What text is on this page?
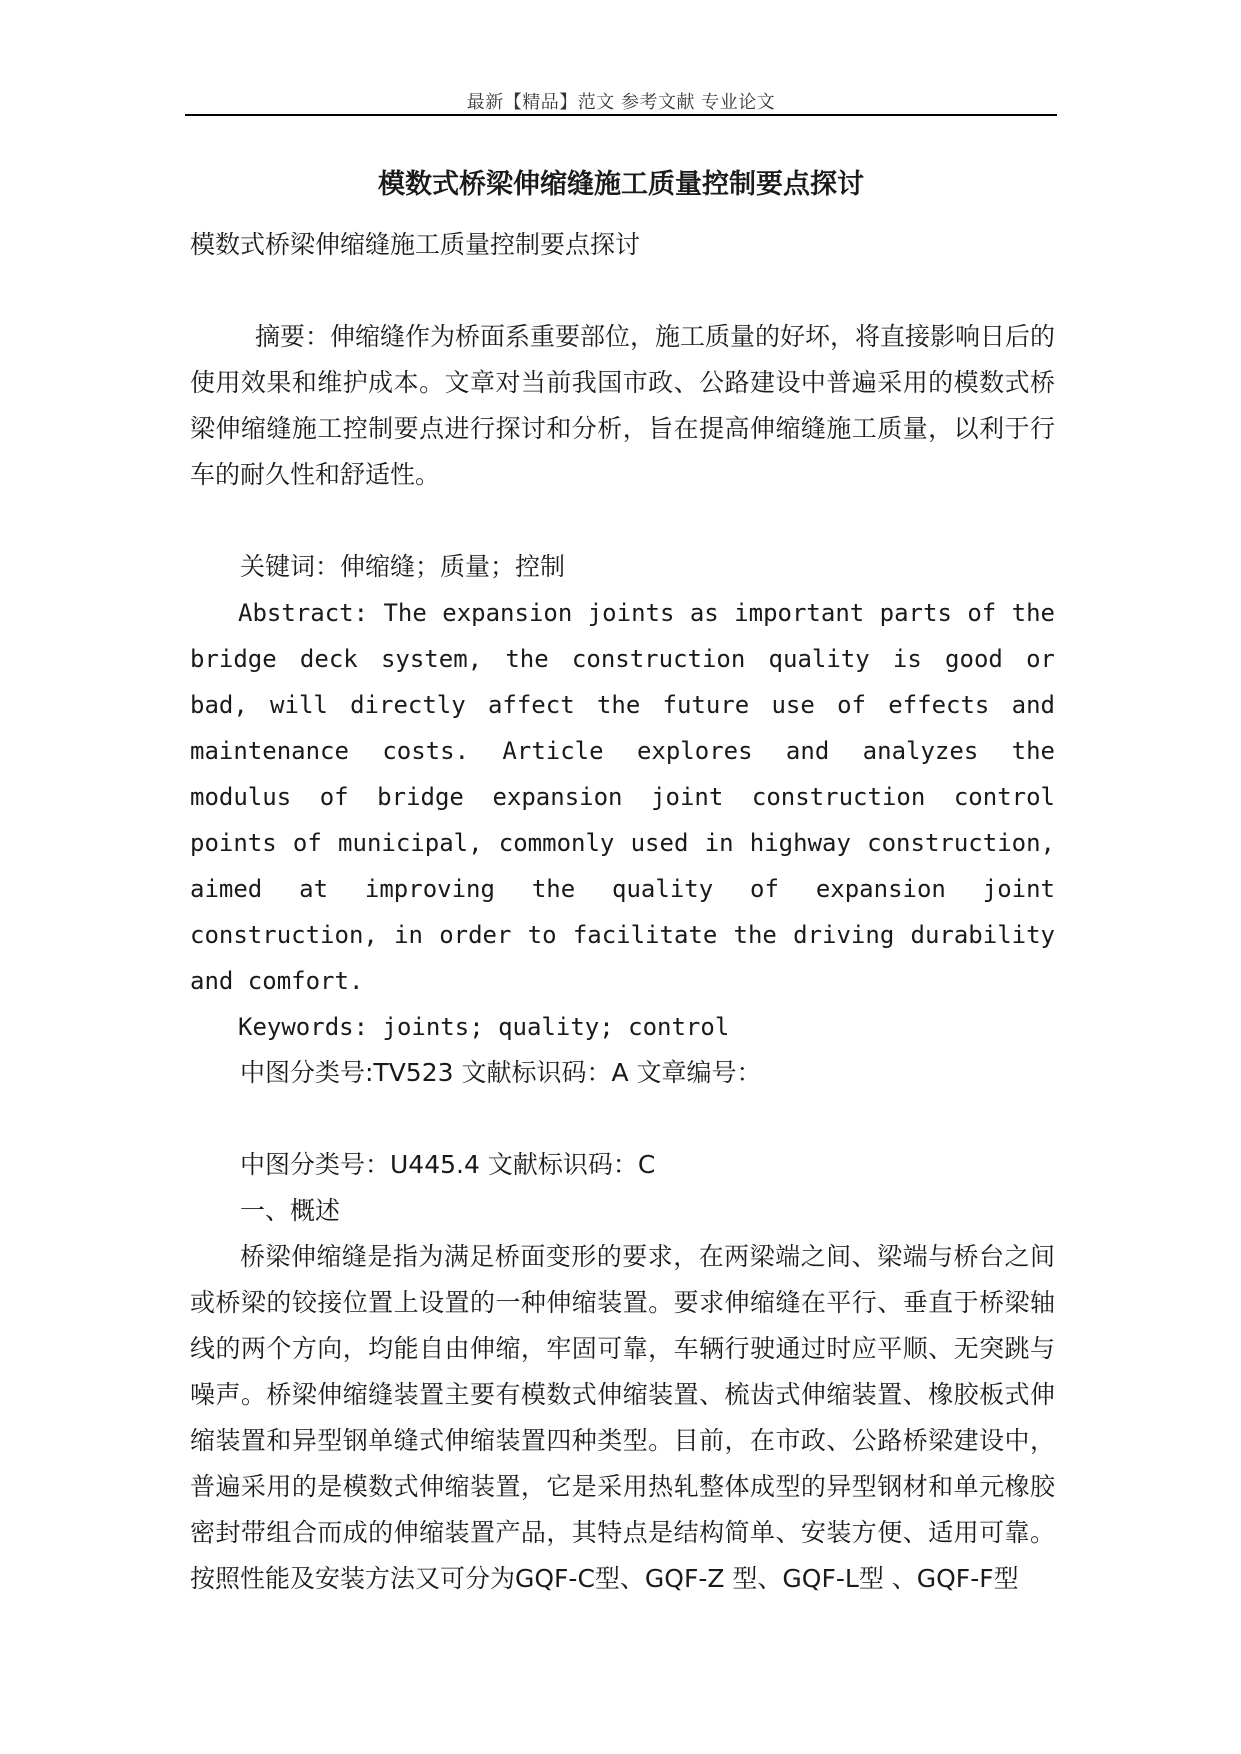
最新【精品】范文 参考文献 专业论文
模数式桥梁伸缩缝施工质量控制要点探讨

模数式桥梁伸缩缝施工质量控制要点探讨

摘要：伸缩缝作为桥面系重要部位，施工质量的好坏，将直接影响日后的使用效果和维护成本。文章对当前我国市政、公路建设中普遍采用的模数式桥梁伸缩缝施工控制要点进行探讨和分析，旨在提高伸缩缝施工质量，以利于行车的耐久性和舒适性。

关键词：伸缩缝；质量；控制

Abstract: The expansion joints as important parts of the bridge deck system, the construction quality is good or bad, will directly affect the future use of effects and maintenance costs. Article explores and analyzes the modulus of bridge expansion joint construction control points of municipal, commonly used in highway construction, aimed at improving the quality of expansion joint construction, in order to facilitate the driving durability and comfort.

Keywords: joints; quality; control

中图分类号:TV523 文献标识码：A 文章编号：

中图分类号：U445.4 文献标识码：C

一、概述

桥梁伸缩缝是指为满足桥面变形的要求，在两梁端之间、梁端与桥台之间或桥梁的铰接位置上设置的一种伸缩装置。要求伸缩缝在平行、垂直于桥梁轴线的两个方向，均能自由伸缩，牢固可靠，车辆行驶通过时应平顺、无突跳与噪声。桥梁伸缩缝装置主要有模数式伸缩装置、梳齿式伸缩装置、橡胶板式伸缩装置和异型钢单缝式伸缩装置四种类型。目前，在市政、公路桥梁建设中，普遍采用的是模数式伸缩装置，它是采用热轧整体成型的异型钢材和单元橡胶密封带组合而成的伸缩装置产品，其特点是结构简单、安装方便、适用可靠。按照性能及安装方法又可分为GQF-C型、GQF-Z 型、GQF-L型 、GQF-F型
